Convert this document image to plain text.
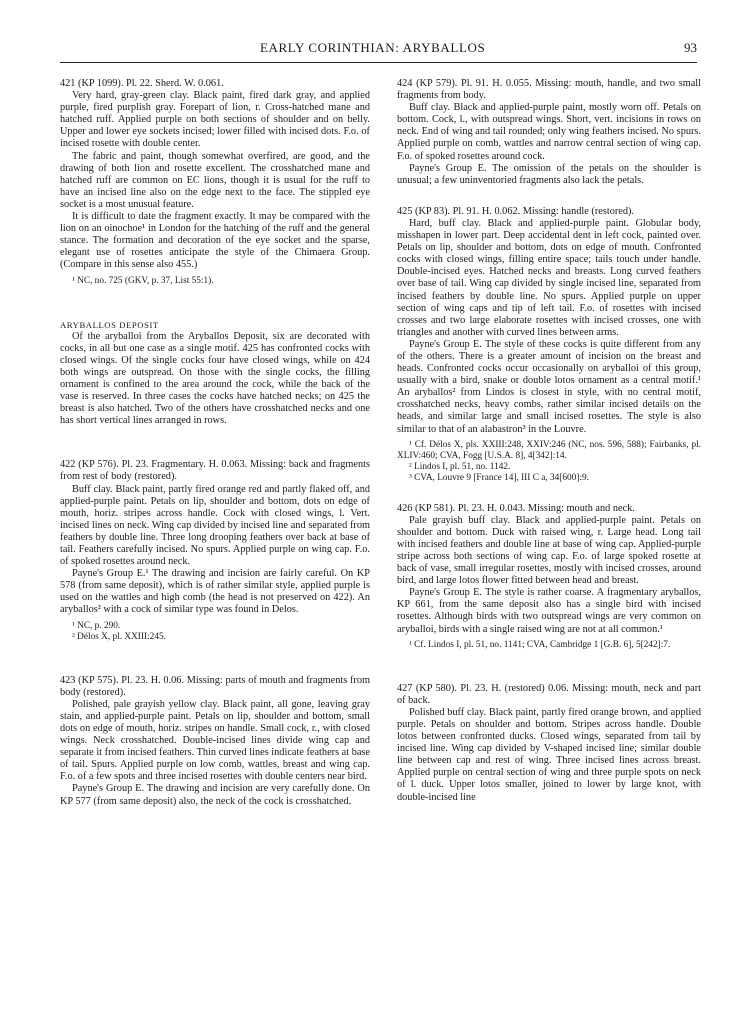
EARLY CORINTHIAN: ARYBALLOS	93

421 (KP 1099). Pl. 22. Sherd. W. 0.061.

Very hard, gray-green clay. Black paint, fired dark gray, and applied purple, fired purplish gray. Forepart of lion, r. Cross-hatched mane and hatched ruff. Applied purple on both sections of shoulder and on belly. Upper and lower eye sockets incised; lower filled with incised dots. F.o. of incised rosette with double center.

The fabric and paint, though somewhat overfired, are good, and the drawing of both lion and rosette excellent. The crosshatched mane and hatched ruff are common on EC lions, though it is usual for the ruff to have an incised line also on the edge next to the face. The stippled eye socket is a most unusual feature.

It is difficult to date the fragment exactly. It may be compared with the lion on an oinochoe¹ in London for the hatching of the ruff and the general stance. The formation and decoration of the eye socket and the sparse, elegant use of rosettes anticipate the style of the Chimaera Group. (Compare in this sense also 455.)

¹ NC, no. 725 (GKV, p. 37, List 55:1).

ARYBALLOS DEPOSIT

Of the aryballoi from the Aryballos Deposit, six are decorated with cocks, in all but one case as a single motif. 425 has confronted cocks with closed wings. Of the single cocks four have closed wings, while on 424 both wings are outspread. On those with the single cocks, the filling ornament is confined to the area around the cock, while the back of the vase is reserved. In three cases the cocks have hatched necks; on 425 the breast is also hatched. Two of the others have crosshatched necks and one has short vertical lines arranged in rows.

422 (KP 576). Pl. 23. Fragmentary. H. 0.063. Missing: back and fragments from rest of body (restored).

Buff clay. Black paint, partly fired orange red and partly flaked off, and applied-purple paint. Petals on lip, shoulder and bottom, dots on edge of mouth, horiz. stripes across handle. Cock with closed wings, l. Vert. incised lines on neck. Wing cap divided by incised line and separated from feathers by double line. Three long drooping feathers over back at base of tail. Feathers carefully incised. No spurs. Applied purple on wing cap. F.o. of spoked rosettes around neck.

Payne's Group E.¹ The drawing and incision are fairly careful. On KP 578 (from same deposit), which is of rather similar style, applied purple is used on the wattles and high comb (the head is not preserved on 422). An aryballos² with a cock of similar type was found in Delos.

¹ NC, p. 290.

² Délos X, pl. XXIII:245.

423 (KP 575). Pl. 23. H. 0.06. Missing: parts of mouth and fragments from body (restored).

Polished, pale grayish yellow clay. Black paint, all gone, leaving gray stain, and applied-purple paint. Petals on lip, shoulder and bottom, small dots on edge of mouth, horiz. stripes on handle. Small cock, r., with closed wings. Neck crosshatched. Double-incised lines divide wing cap and separate it from incised feathers. Thin curved lines indicate feathers at base of tail. Spurs. Applied purple on low comb, wattles, breast and wing cap. F.o. of a few spots and three incised rosettes with double centers near bird.

Payne's Group E. The drawing and incision are very carefully done. On KP 577 (from same deposit) also, the neck of the cock is crosshatched.

424 (KP 579). Pl. 91. H. 0.055. Missing: mouth, handle, and two small fragments from body.

Buff clay. Black and applied-purple paint, mostly worn off. Petals on bottom. Cock, l., with outspread wings. Short, vert. incisions in rows on neck. End of wing and tail rounded; only wing feathers incised. No spurs. Applied purple on comb, wattles and narrow central section of wing cap. F.o. of spoked rosettes around cock.

Payne's Group E. The omission of the petals on the shoulder is unusual; a few uninventoried fragments also lack the petals.

425 (KP 83). Pl. 91. H. 0.062. Missing: handle (restored).

Hard, buff clay. Black and applied-purple paint. Globular body, misshapen in lower part. Deep accidental dent in left cock, painted over. Petals on lip, shoulder and bottom, dots on edge of mouth. Confronted cocks with closed wings, filling entire space; tails touch under handle. Double-incised eyes. Hatched necks and breasts. Long curved feathers over base of tail. Wing cap divided by single incised line, separated from incised feathers by double line. No spurs. Applied purple on upper section of wing caps and tip of left tail. F.o. of rosettes with incised crosses and two large elaborate rosettes with incised crosses, one with triangles and another with curved lines between arms.

Payne's Group E. The style of these cocks is quite different from any of the others. There is a greater amount of incision on the breast and heads. Confronted cocks occur occasionally on aryballoi of this group, usually with a bird, snake or double lotos ornament as a central motif.¹ An aryballos² from Lindos is closest in style, with no central motif, crosshatched necks, heavy combs, rather similar incised details on the heads, and similar large and small incised rosettes. The style is also similar to that of an alabastron³ in the Louvre.

¹ Cf. Délos X, pls. XXIII:248, XXIV:246 (NC, nos. 596, 588); Fairbanks, pl. XLIV:460; CVA, Fogg [U.S.A. 8], 4[342]:14.

² Lindos I, pl. 51, no. 1142.

³ CVA, Louvre 9 [France 14], III C a, 34[600]:9.

426 (KP 581). Pl. 23. H. 0.043. Missing: mouth and neck.

Pale grayish buff clay. Black and applied-purple paint. Petals on shoulder and bottom. Duck with raised wing, r. Large head. Long tail with incised feathers and double line at base of wing cap. Applied-purple stripe across both sections of wing cap. F.o. of large spoked rosette at back of vase, small irregular rosettes, mostly with incised crosses, around bird, and large lotos flower fitted between head and breast.

Payne's Group E. The style is rather coarse. A fragmentary aryballos, KP 661, from the same deposit also has a single bird with incised rosettes. Although birds with two outspread wings are very common on aryballoi, birds with a single raised wing are not at all common.¹

¹ Cf. Lindos I, pl. 51, no. 1141; CVA, Cambridge 1 [G.B. 6], 5[242]:7.

427 (KP 580). Pl. 23. H. (restored) 0.06. Missing: mouth, neck and part of back.

Polished buff clay. Black paint, partly fired orange brown, and applied purple. Petals on shoulder and bottom. Stripes across handle. Double lotos between confronted ducks. Closed wings, separated from tail by incised line. Wing cap divided by V-shaped incised line; similar double line between cap and rest of wing. Three incised lines across breast. Applied purple on central section of wing and three purple spots on neck of l. duck. Upper lotos smaller, joined to lower by large knot, with double-incised line
